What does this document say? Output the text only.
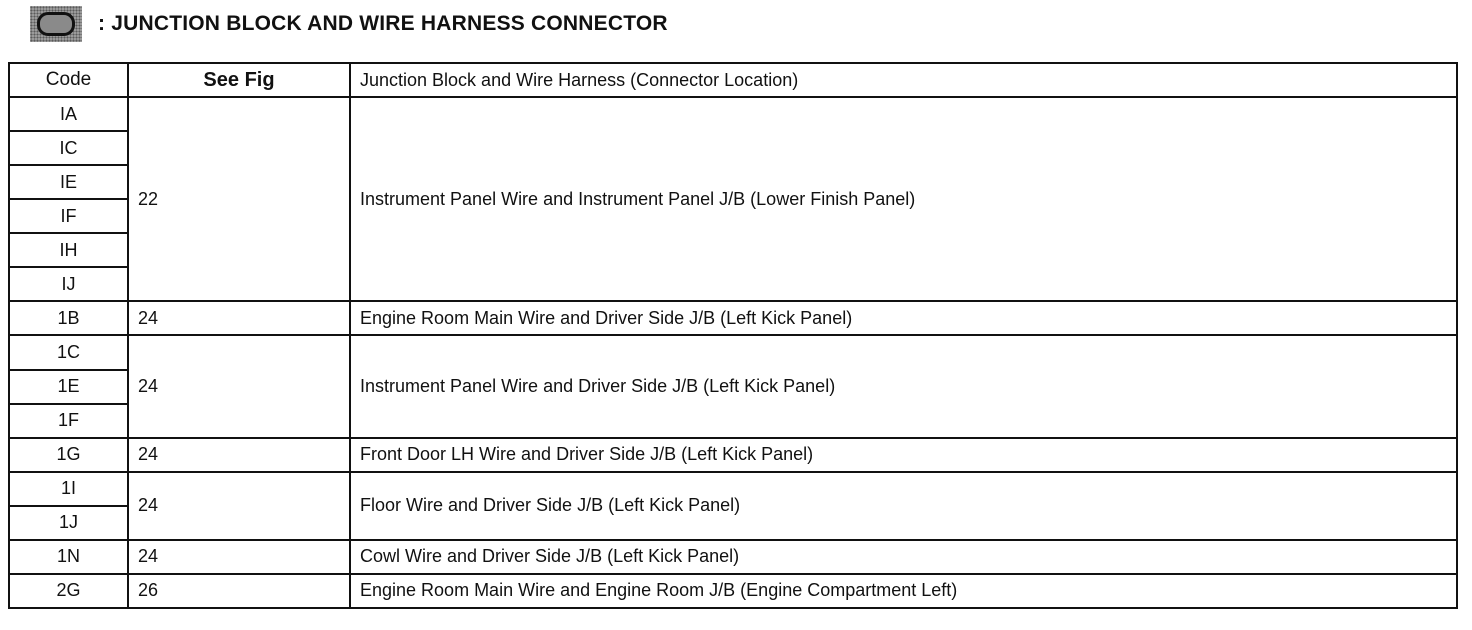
: JUNCTION BLOCK AND WIRE HARNESS CONNECTOR
Code	See Fig	Junction Block and Wire Harness (Connector Location)
IA	22	Instrument Panel Wire and Instrument Panel J/B (Lower Finish Panel)
IC		
IE		
IF		
IH		
IJ		
1B	24	Engine Room Main Wire and Driver Side J/B (Left Kick Panel)
1C	24	Instrument Panel Wire and Driver Side J/B (Left Kick Panel)
1E		
1F		
1G	24	Front Door LH Wire and Driver Side J/B (Left Kick Panel)
1I	24	Floor Wire and Driver Side J/B (Left Kick Panel)
1J		
1N	24	Cowl Wire and Driver Side J/B (Left Kick Panel)
2G	26	Engine Room Main Wire and Engine Room J/B (Engine Compartment Left)
